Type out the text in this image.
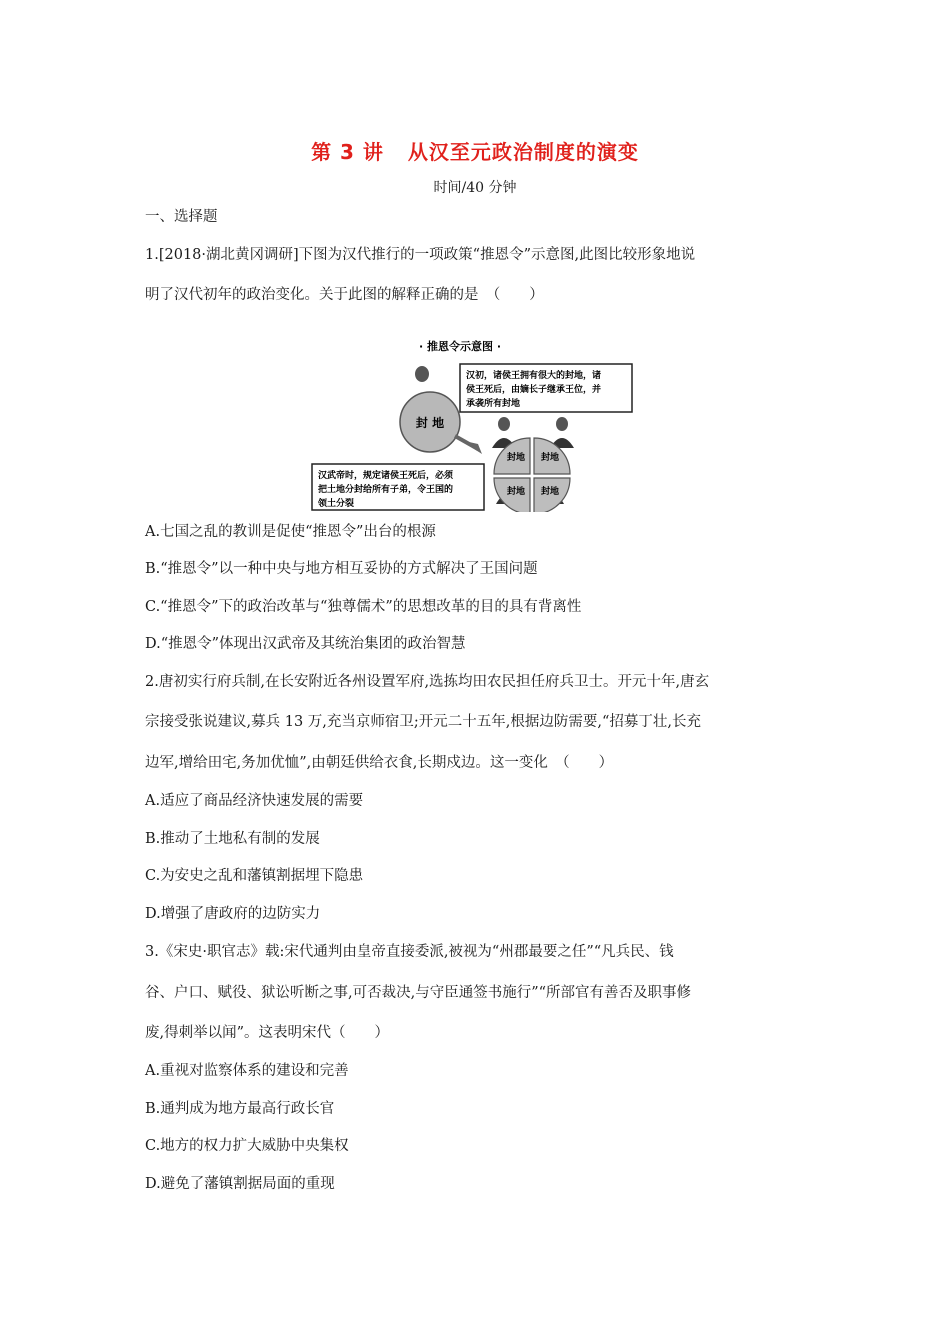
第 3 讲 从汉至元政治制度的演变
时间/40 分钟
一、选择题
1.[2018·湖北黄冈调研]下图为汉代推行的一项政策“推恩令”示意图,此图比较形象地说
明了汉代初年的政治变化。关于此图的解释正确的是　（　　）
· 推恩令示意图 ·
封 地
汉初，诸侯王拥有很大的封地，诸
侯王死后，由嫡长子继承王位，并
承袭所有封地
封地 封地
封地 封地
汉武帝时，规定诸侯王死后，必须
把土地分封给所有子弟，令王国的
领土分裂
A.七国之乱的教训是促使“推恩令”出台的根源
B.“推恩令”以一种中央与地方相互妥协的方式解决了王国问题
C.“推恩令”下的政治改革与“独尊儒术”的思想改革的目的具有背离性
D.“推恩令”体现出汉武帝及其统治集团的政治智慧
2.唐初实行府兵制,在长安附近各州设置军府,选拣均田农民担任府兵卫士。开元十年,唐玄
宗接受张说建议,募兵 13 万,充当京师宿卫;开元二十五年,根据边防需要,“招募丁壮,长充
边军,增给田宅,务加优恤”,由朝廷供给衣食,长期戍边。这一变化　（　　）
A.适应了商品经济快速发展的需要
B.推动了土地私有制的发展
C.为安史之乱和藩镇割据埋下隐患
D.增强了唐政府的边防实力
3.《宋史·职官志》载:宋代通判由皇帝直接委派,被视为“州郡最要之任”“凡兵民、钱
谷、户口、赋役、狱讼听断之事,可否裁决,与守臣通签书施行”“所部官有善否及职事修
废,得刺举以闻”。这表明宋代（　　）
A.重视对监察体系的建设和完善
B.通判成为地方最高行政长官
C.地方的权力扩大威胁中央集权
D.避免了藩镇割据局面的重现
